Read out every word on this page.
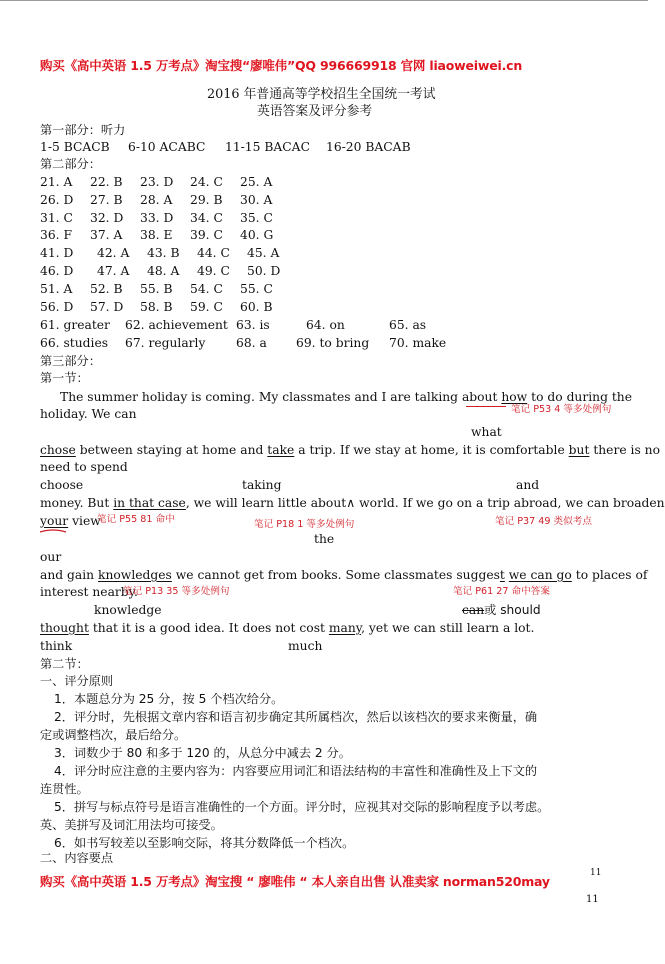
购买《高中英语 1.5 万考点》淘宝搜“廖唯伟”QQ 996669918 官网 liaoweiwei.cn
2016 年普通高等学校招生全国统一考试
英语答案及评分参考
第一部分：听力
1-5 BCACB 6-10 ACABC 11-15 BACAC 16-20 BACAB
第二部分：
21. A 22. B 23. D 24. C 25. A
26. D 27. B 28. A 29. B 30. A
31. C 32. D 33. D 34. C 35. C
36. F 37. A 38. E 39. C 40. G
41. D 42. A 43. B 44. C 45. A
46. D 47. A 48. A 49. C 50. D
51. A 52. B 55. B 54. C 55. C
56. D 57. D 58. B 59. C 60. B
61. greater 62. achievement 63. is	64. on	65. as
66. studies 67. regularly 68. a 69. to bring 70. make
第三部分：
第一节：
The summer holiday is coming. My classmates and I are talking about how to do during the
笔记 P53 4 等多处例句
holiday. We can
what
chose between staying at home and take a trip. If we stay at home, it is comfortable but there is no
need to spend
choose	taking	and
money. But in that case, we will learn little about∧ world. If we go on a trip abroad, we can broaden
your view
笔记 P55 81 命中	笔记 P18 1 等多处例句	笔记 P37 49 类似考点
the
our
and gain knowledges we cannot get from books. Some classmates suggest we can go to places of
interest nearby.
笔记 P13 35 等多处例句	笔记 P61 27 命中答案
knowledge	can或 should
thought that it is a good idea. It does not cost many, yet we can still learn a lot.
think	much
第二节：
一、评分原则
1．本题总分为 25 分，按 5 个档次给分。
2．评分时，先根据文章内容和语言初步确定其所属档次，然后以该档次的要求来衡量，确
定或调整档次，最后给分。
3．词数少于 80 和多于 120 的，从总分中减去 2 分。
4．评分时应注意的主要内容为：内容要应用词汇和语法结构的丰富性和准确性及上下文的
连贯性。
5．拼写与标点符号是语言准确性的一个方面。评分时，应视其对交际的影响程度予以考虑。
英、美拼写及词汇用法均可接受。
6．如书写较差以至影响交际，将其分数降低一个档次。
二、内容要点
购买《高中英语 1.5 万考点》淘宝搜 “ 廖唯伟 “ 本人亲自出售 认准卖家 norman520may
11
11
